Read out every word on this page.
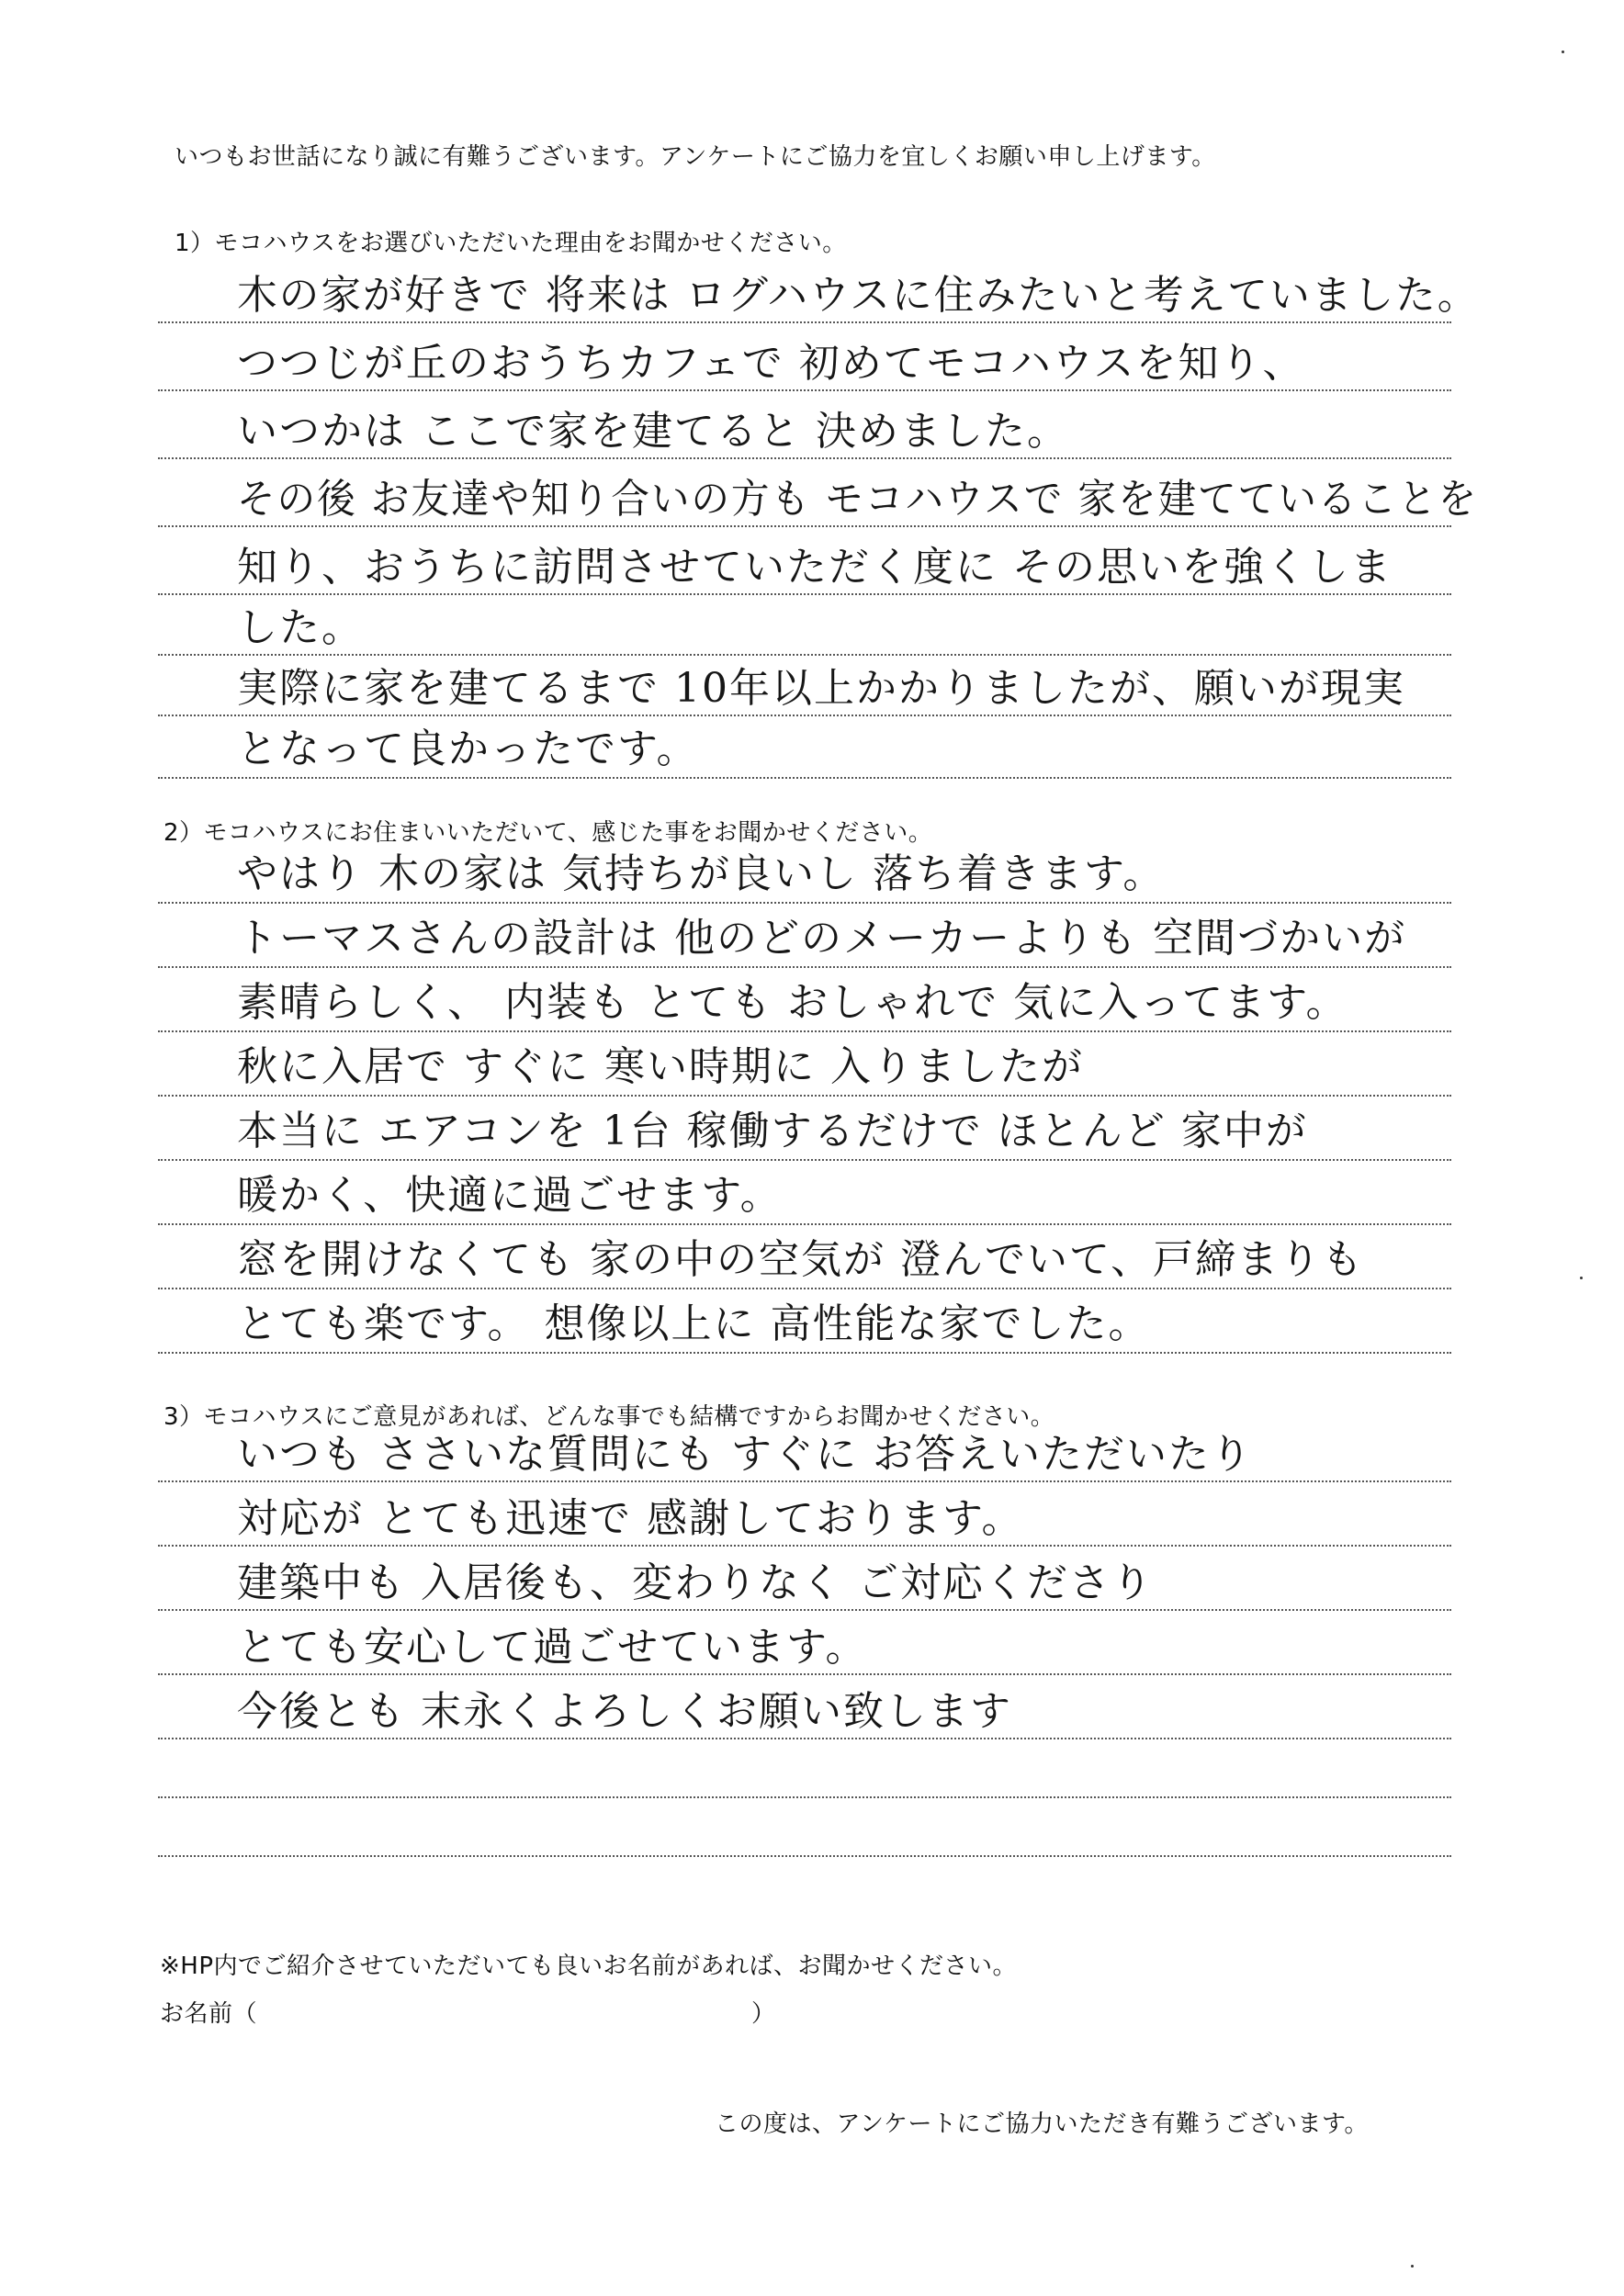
いつもお世話になり誠に有難うございます。アンケートにご協力を宜しくお願い申し上げます。
1）モコハウスをお選びいただいた理由をお聞かせください。
木の家が好きで 将来は ログハウスに住みたいと考えていました。
つつじが丘のおうちカフェで 初めてモコハウスを知り、
いつかは ここで家を建てると 決めました。
その後 お友達や知り合いの方も モコハウスで 家を建てていることを
知り、おうちに訪問させていただく度に その思いを強くしま
した。
実際に家を建てるまで 10年以上かかりましたが、願いが現実
となって良かったです。
2）モコハウスにお住まいいただいて、感じた事をお聞かせください。
やはり 木の家は 気持ちが良いし 落ち着きます。
トーマスさんの設計は 他のどのメーカーよりも 空間づかいが
素晴らしく、 内装も とても おしゃれで 気に入ってます。
秋に入居で すぐに 寒い時期に 入りましたが
本当に エアコンを 1台 稼働するだけで ほとんど 家中が
暖かく、快適に過ごせます。
窓を開けなくても 家の中の空気が 澄んでいて、戸締まりも
とても楽です。 想像以上に 高性能な家でした。
3）モコハウスにご意見があれば、どんな事でも結構ですからお聞かせください。
いつも ささいな質問にも すぐに お答えいただいたり
対応が とても迅速で 感謝しております。
建築中も 入居後も、変わりなく ご対応くださり
とても安心して過ごせています。
今後とも 末永くよろしくお願い致します
※HP内でご紹介させていただいても良いお名前があれば、お聞かせください。
お名前（	）
この度は、アンケートにご協力いただき有難うございます。
